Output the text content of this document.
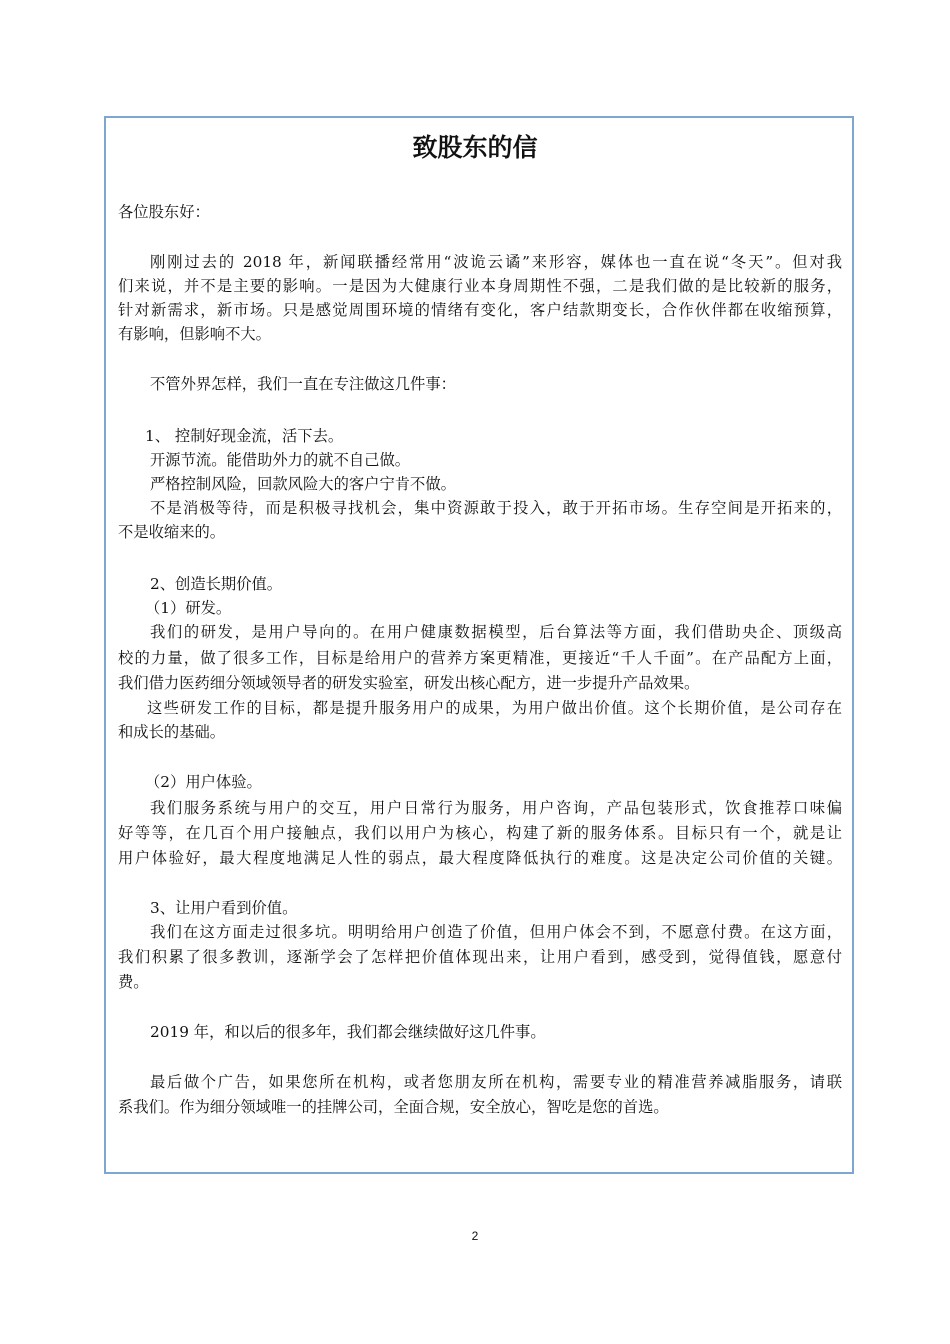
致股东的信

各位股东好：

刚刚过去的 2018 年，新闻联播经常用“波诡云谲”来形容，媒体也一直在说“冬天”。但对我

们来说，并不是主要的影响。一是因为大健康行业本身周期性不强，二是我们做的是比较新的服务，

针对新需求，新市场。只是感觉周围环境的情绪有变化，客户结款期变长，合作伙伴都在收缩预算，

有影响，但影响不大。

不管外界怎样，我们一直在专注做这几件事：

1、 控制好现金流，活下去。

开源节流。能借助外力的就不自己做。

严格控制风险，回款风险大的客户宁肯不做。

不是消极等待，而是积极寻找机会，集中资源敢于投入，敢于开拓市场。生存空间是开拓来的，

不是收缩来的。

2、创造长期价值。

（1）研发。

我们的研发，是用户导向的。在用户健康数据模型，后台算法等方面，我们借助央企、顶级高

校的力量，做了很多工作，目标是给用户的营养方案更精准，更接近“千人千面”。在产品配方上面，

我们借力医药细分领域领导者的研发实验室，研发出核心配方，进一步提升产品效果。

这些研发工作的目标，都是提升服务用户的成果，为用户做出价值。这个长期价值，是公司存在

和成长的基础。

（2）用户体验。

我们服务系统与用户的交互，用户日常行为服务，用户咨询，产品包装形式，饮食推荐口味偏

好等等，在几百个用户接触点，我们以用户为核心，构建了新的服务体系。目标只有一个，就是让

用户体验好，最大程度地满足人性的弱点，最大程度降低执行的难度。这是决定公司价值的关键。

3、让用户看到价值。

我们在这方面走过很多坑。明明给用户创造了价值，但用户体会不到，不愿意付费。在这方面，

我们积累了很多教训，逐渐学会了怎样把价值体现出来，让用户看到，感受到，觉得值钱，愿意付

费。

2019 年，和以后的很多年，我们都会继续做好这几件事。

最后做个广告，如果您所在机构，或者您朋友所在机构，需要专业的精准营养减脂服务，请联

系我们。作为细分领域唯一的挂牌公司，全面合规，安全放心，智吃是您的首选。

2
